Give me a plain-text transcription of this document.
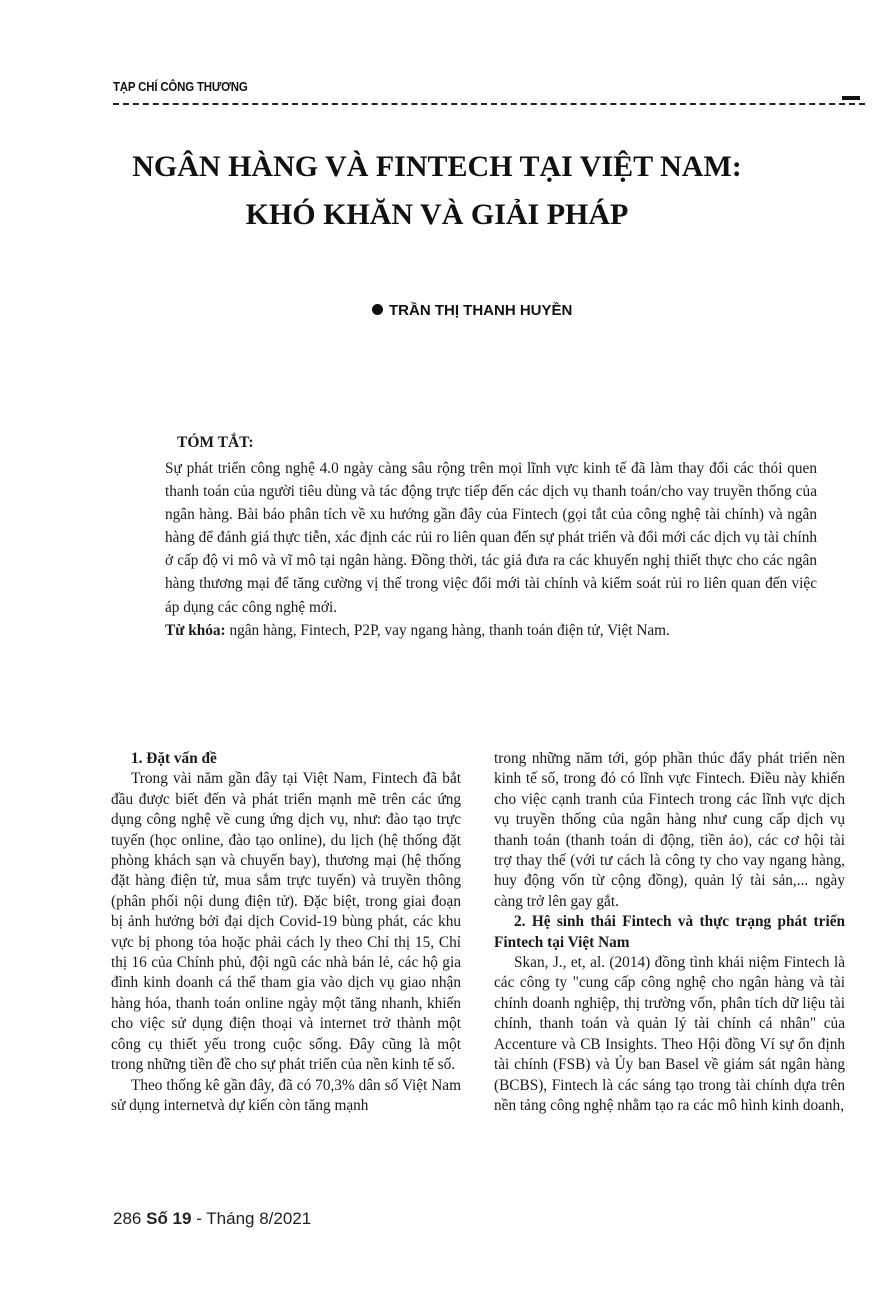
TẠP CHÍ CÔNG THƯƠNG
NGÂN HÀNG VÀ FINTECH TẠI VIỆT NAM:
KHÓ KHĂN VÀ GIẢI PHÁP
TRẦN THỊ THANH HUYỀN
TÓM TẮT:

Sự phát triển công nghệ 4.0 ngày càng sâu rộng trên mọi lĩnh vực kinh tế đã làm thay đổi các thói quen thanh toán của người tiêu dùng và tác động trực tiếp đến các dịch vụ thanh toán/cho vay truyền thống của ngân hàng. Bài báo phân tích về xu hướng gần đây của Fintech (gọi tắt của công nghệ tài chính) và ngân hàng để đánh giá thực tiễn, xác định các rủi ro liên quan đến sự phát triển và đổi mới các dịch vụ tài chính ở cấp độ vi mô và vĩ mô tại ngân hàng. Đồng thời, tác giả đưa ra các khuyến nghị thiết thực cho các ngân hàng thương mại để tăng cường vị thế trong việc đổi mới tài chính và kiểm soát rủi ro liên quan đến việc áp dụng các công nghệ mới.

Từ khóa: ngân hàng, Fintech, P2P, vay ngang hàng, thanh toán điện tử, Việt Nam.

1. Đặt vấn đề

Trong vài năm gần đây tại Việt Nam, Fintech đã bắt đầu được biết đến và phát triển mạnh mẽ trên các ứng dụng công nghệ về cung ứng dịch vụ, như: đào tạo trực tuyến (học online, đào tạo online), du lịch (hệ thống đặt phòng khách sạn và chuyến bay), thương mại (hệ thống đặt hàng điện tử, mua sắm trực tuyến) và truyền thông (phân phối nội dung điện tử). Đặc biệt, trong giai đoạn bị ảnh hưởng bởi đại dịch Covid-19 bùng phát, các khu vực bị phong tỏa hoặc phải cách ly theo Chỉ thị 15, Chỉ thị 16 của Chính phủ, đội ngũ các nhà bán lẻ, các hộ gia đình kinh doanh cá thể tham gia vào dịch vụ giao nhận hàng hóa, thanh toán online ngày một tăng nhanh, khiến cho việc sử dụng điện thoại và internet trở thành một công cụ thiết yếu trong cuộc sống. Đây cũng là một trong những tiền đề cho sự phát triển của nền kinh tế số.

Theo thống kê gần đây, đã có 70,3% dân số Việt Nam sử dụng internetvà dự kiến còn tăng mạnh

trong những năm tới, góp phần thúc đẩy phát triển nền kinh tế số, trong đó có lĩnh vực Fintech. Điều này khiến cho việc cạnh tranh của Fintech trong các lĩnh vực dịch vụ truyền thống của ngân hàng như cung cấp dịch vụ thanh toán (thanh toán di động, tiền ảo), các cơ hội tài trợ thay thế (với tư cách là công ty cho vay ngang hàng, huy động vốn từ cộng đồng), quản lý tài sản,... ngày càng trở lên gay gắt.

2. Hệ sinh thái Fintech và thực trạng phát triển Fintech tại Việt Nam

Skan, J., et, al. (2014) đồng tình khái niệm Fintech là các công ty "cung cấp công nghệ cho ngân hàng và tài chính doanh nghiệp, thị trường vốn, phân tích dữ liệu tài chính, thanh toán và quản lý tài chính cá nhân" của Accenture và CB Insights. Theo Hội đồng Ví sự ổn định tài chính (FSB) và Ủy ban Basel về giám sát ngân hàng (BCBS), Fintech là các sáng tạo trong tài chính dựa trên nền tảng công nghệ nhằm tạo ra các mô hình kinh doanh,

286 Số 19 - Tháng 8/2021
